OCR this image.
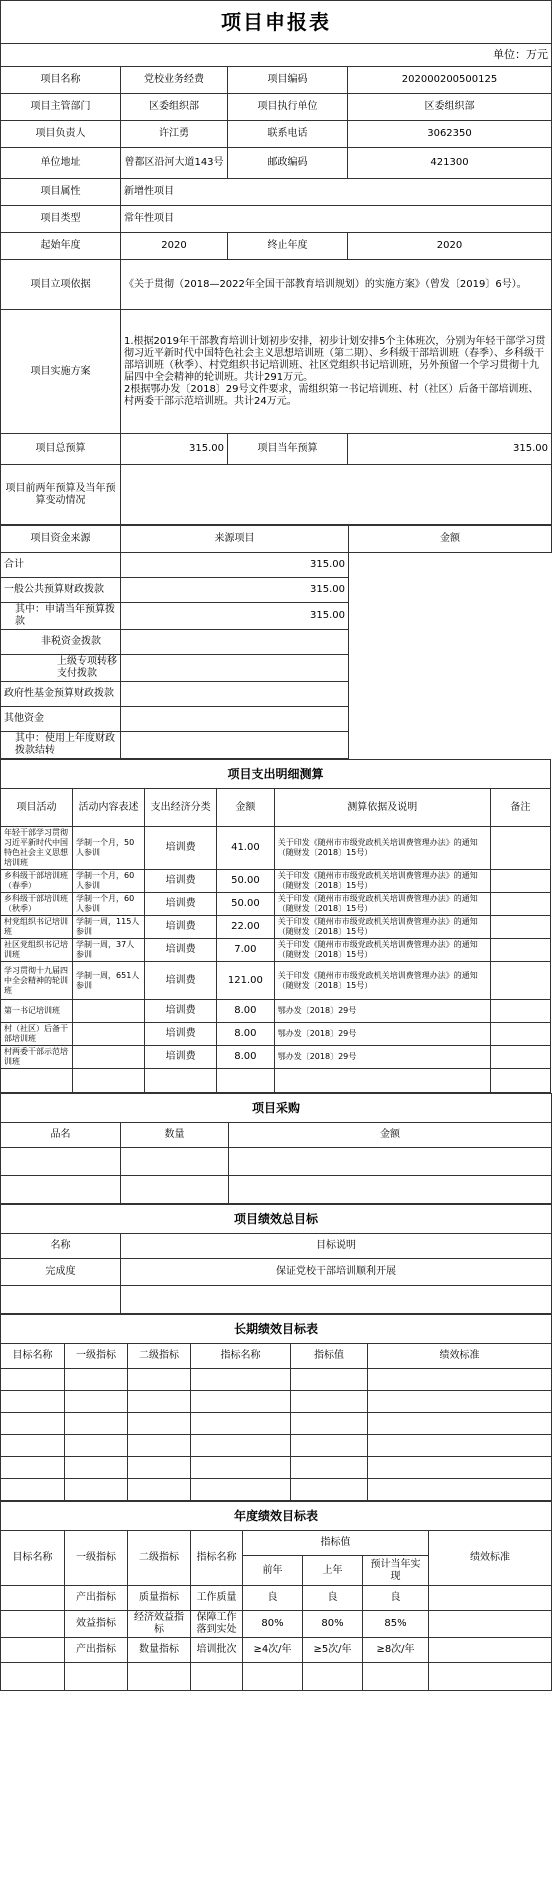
项目申报表			
单位：万元			
项目名称	党校业务经费	项目编码	202000200500125
项目主管部门	区委组织部	项目执行单位	区委组织部
项目负责人	许江勇	联系电话	3062350
单位地址	曾都区沿河大道143号	邮政编码	421300
项目属性	新增性项目		
项目类型	常年性项目		
起始年度	2020	终止年度	2020
项目立项依据	《关于贯彻（2018—2022年全国干部教育培训规划）的实施方案》（曾发〔2019〕6号）。		
项目实施方案	1.根据2019年干部教育培训计划初步安排，初步计划安排5个主体班次，分别为年轻干部学习贯彻习近平新时代中国特色社会主义思想培训班（第二期）、乡科级干部培训班（春季）、乡科级干部培训班（秋季）、村党组织书记培训班、社区党组织书记培训班，另外预留一个学习贯彻十九届四中全会精神的轮训班。共计291万元。
2根据鄂办发〔2018〕29号文件要求，需组织第一书记培训班、村（社区）后备干部培训班、村两委干部示范培训班。共计24万元。		

项目总预算	315.00	项目当年预算	315.00
项目前两年预算及当年预算变动情况			
项目资金来源	来源项目	金额
合计	315.00	
一般公共预算财政拨款	315.00	
其中：申请当年预算拨款	315.00	
非税资金拨款		
上级专项转移支付拨款		
政府性基金预算财政拨款		
其他资金		
其中：使用上年度财政拨款结转		
项目支出明细测算					
项目活动	活动内容表述	支出经济分类	金额	测算依据及说明	备注
年轻干部学习贯彻习近平新时代中国特色社会主义思想培训班	学制一个月，50人参训	培训费	41.00	关于印发《随州市市级党政机关培训费管理办法》的通知（随财发〔2018〕15号）	
乡科级干部培训班（春季）	学制一个月，60人参训	培训费	50.00	关于印发《随州市市级党政机关培训费管理办法》的通知（随财发〔2018〕15号）	
乡科级干部培训班（秋季）	学制一个月，60人参训	培训费	50.00	关于印发《随州市市级党政机关培训费管理办法》的通知（随财发〔2018〕15号）	
村党组织书记培训班	学制一周，115人参训	培训费	22.00	关于印发《随州市市级党政机关培训费管理办法》的通知（随财发〔2018〕15号）	
社区党组织书记培训班	学制一周，37人参训	培训费	7.00	关于印发《随州市市级党政机关培训费管理办法》的通知（随财发〔2018〕15号）	
学习贯彻十九届四中全会精神的轮训班	学制一周，651人参训	培训费	121.00	关于印发《随州市市级党政机关培训费管理办法》的通知（随财发〔2018〕15号）	
第一书记培训班		培训费	8.00	鄂办发〔2018〕29号	
村（社区）后备干部培训班		培训费	8.00	鄂办发〔2018〕29号	
村两委干部示范培训班		培训费	8.00	鄂办发〔2018〕29号	

项目采购		
品名	数量	金额

项目绩效总目标	
名称	目标说明
完成度	保证党校干部培训顺利开展

长期绩效目标表					
目标名称	一级指标	二级指标	指标名称	指标值	绩效标准

年度绩效目标表							
目标名称	一级指标	二级指标	指标名称	指标值			绩效标准
				前年	上年	预计当年实现	
	产出指标	质量指标	工作质量	良	良	良	
	效益指标	经济效益指标	保障工作落到实处	80%	80%	85%	
	产出指标	数量指标	培训批次	≥4次/年	≥5次/年	≥8次/年	
